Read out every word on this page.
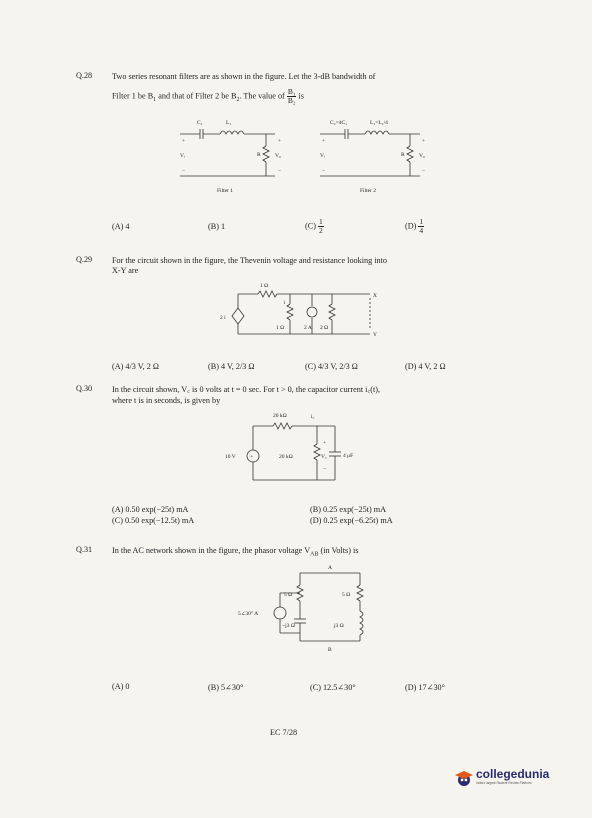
Q.28 Two series resonant filters are as shown in the figure. Let the 3-dB bandwidth of
Filter 1 be $B_1$ and that of Filter 2 be $B_2$. The value of $\frac{\text{B₁}}{\text{B₂}}$ is
C₁	L₁
+
Vᵢ
−
R
+
V₀
−
Filter 1
C₂=4C₁	L₂=L₁/4
+
Vᵢ
−
R
+
V₀
−
Filter 2
(A) 4	(B) 1	$(C) \frac{1}{2}$	$(D) \frac{1}{4}$
Q.29 For the circuit shown in the figure, the Thevenin voltage and resistance looking into
X-Y are
1 Ω
2 i
i
1 Ω	2 A 2 Ω
X
Y
(A) 4/3 V, 2 Ω	(B) 4 V, 2/3 Ω	(C) 4/3 V, 2/3 Ω	(D) 4 V, 2 Ω
Q.30 In the circuit shown, V꜀ is 0 volts at t = 0 sec. For t > 0, the capacitor current i꜀(t),
where t is in seconds, is given by
20 kΩ	i꜀
10 V	+	20 kΩ
+
V꜀
−
4 μF
(A) 0.50 exp(−25t) mA	(B) 0.25 exp(−25t) mA
(C) 0.50 exp(−12.5t) mA	(D) 0.25 exp(−6.25t) mA
Q.31 In the AC network shown in the figure, the phasor voltage $V_{AB}$ (in Volts) is
A
B
5 Ω	5 Ω
5∠30° A
−j3 Ω	j3 Ω
(A) 0	(B) 5∠30°	(C) 12.5∠30°	(D) 17∠30°
EC 7/28
collegedunia
India's largest Student Review Platform
